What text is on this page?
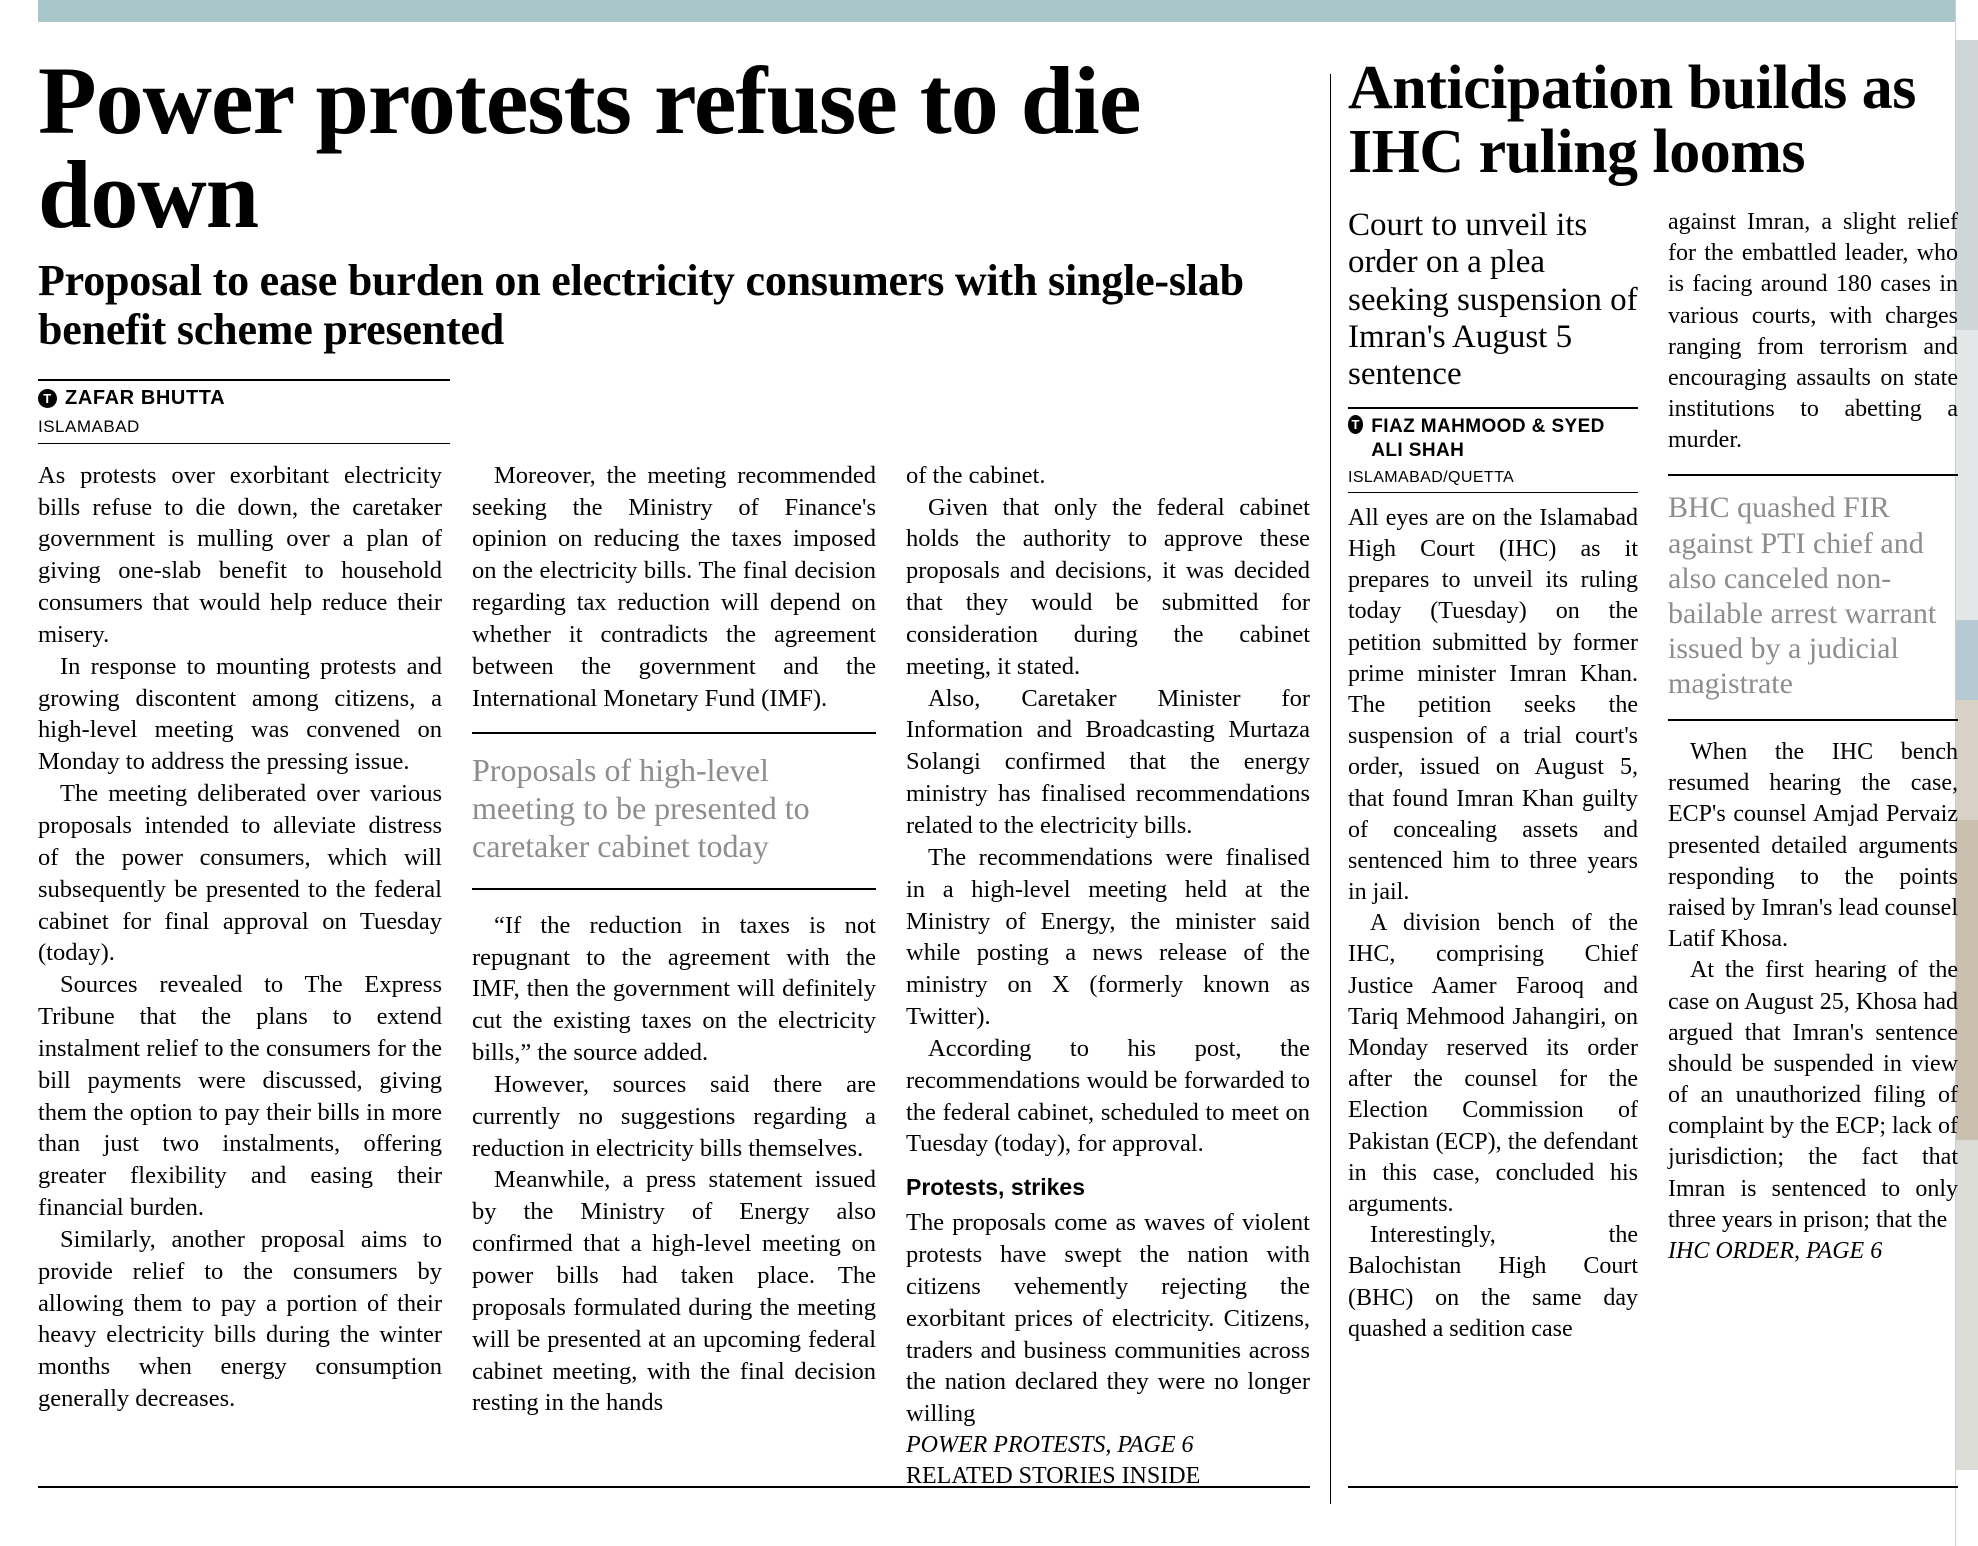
Power protests refuse to die down
Proposal to ease burden on electricity consumers with single-slab benefit scheme presented
T ZAFAR BHUTTA
ISLAMABAD

As protests over exorbitant electricity bills refuse to die down, the caretaker government is mulling over a plan of giving one-slab benefit to household consumers that would help reduce their misery.

In response to mounting protests and growing discontent among citizens, a high-level meeting was convened on Monday to address the pressing issue.

The meeting deliberated over various proposals intended to alleviate distress of the power consumers, which will subsequently be presented to the federal cabinet for final approval on Tuesday (today).

Sources revealed to The Express Tribune that the plans to extend instalment relief to the consumers for the bill payments were discussed, giving them the option to pay their bills in more than just two instalments, offering greater flexibility and easing their financial burden.

Similarly, another proposal aims to provide relief to the consumers by allowing them to pay a portion of their heavy electricity bills during the winter months when energy consumption generally decreases.

Moreover, the meeting recommended seeking the Ministry of Finance's opinion on reducing the taxes imposed on the electricity bills. The final decision regarding tax reduction will depend on whether it contradicts the agreement between the government and the International Monetary Fund (IMF).

Proposals of high-level meeting to be presented to caretaker cabinet today

“If the reduction in taxes is not repugnant to the agreement with the IMF, then the government will definitely cut the existing taxes on the electricity bills,” the source added.

However, sources said there are currently no suggestions regarding a reduction in electricity bills themselves.

Meanwhile, a press statement issued by the Ministry of Energy also confirmed that a high-level meeting on power bills had taken place. The proposals formulated during the meeting will be presented at an upcoming federal cabinet meeting, with the final decision resting in the hands

of the cabinet.

Given that only the federal cabinet holds the authority to approve these proposals and decisions, it was decided that they would be submitted for consideration during the cabinet meeting, it stated.

Also, Caretaker Minister for Information and Broadcasting Murtaza Solangi confirmed that the energy ministry has finalised recommendations related to the electricity bills.

The recommendations were finalised in a high-level meeting held at the Ministry of Energy, the minister said while posting a news release of the ministry on X (formerly known as Twitter).

According to his post, the recommendations would be forwarded to the federal cabinet, scheduled to meet on Tuesday (today), for approval.

Protests, strikes

The proposals come as waves of violent protests have swept the nation with citizens vehemently rejecting the exorbitant prices of electricity. Citizens, traders and business communities across the nation declared they were no longer willing

POWER PROTESTS, PAGE 6

RELATED STORIES INSIDE

Anticipation builds as IHC ruling looms
Court to unveil its order on a plea seeking suspension of Imran's August 5 sentence
T FIAZ MAHMOOD & SYED ALI SHAH
ISLAMABAD/QUETTA

All eyes are on the Islamabad High Court (IHC) as it prepares to unveil its ruling today (Tuesday) on the petition submitted by former prime minister Imran Khan. The petition seeks the suspension of a trial court's order, issued on August 5, that found Imran Khan guilty of concealing assets and sentenced him to three years in jail.

A division bench of the IHC, comprising Chief Justice Aamer Farooq and Tariq Mehmood Jahangiri, on Monday reserved its order after the counsel for the Election Commission of Pakistan (ECP), the defendant in this case, concluded his arguments.

Interestingly, the Balochistan High Court (BHC) on the same day quashed a sedition case

against Imran, a slight relief for the embattled leader, who is facing around 180 cases in various courts, with charges ranging from terrorism and encouraging assaults on state institutions to abetting a murder.

BHC quashed FIR against PTI chief and also canceled non-bailable arrest warrant issued by a judicial magistrate

When the IHC bench resumed hearing the case, ECP's counsel Amjad Pervaiz presented detailed arguments responding to the points raised by Imran's lead counsel Latif Khosa.

At the first hearing of the case on August 25, Khosa had argued that Imran's sentence should be suspended in view of an unauthorized filing of complaint by the ECP; lack of jurisdiction; the fact that Imran is sentenced to only three years in prison; that the

IHC ORDER, PAGE 6
